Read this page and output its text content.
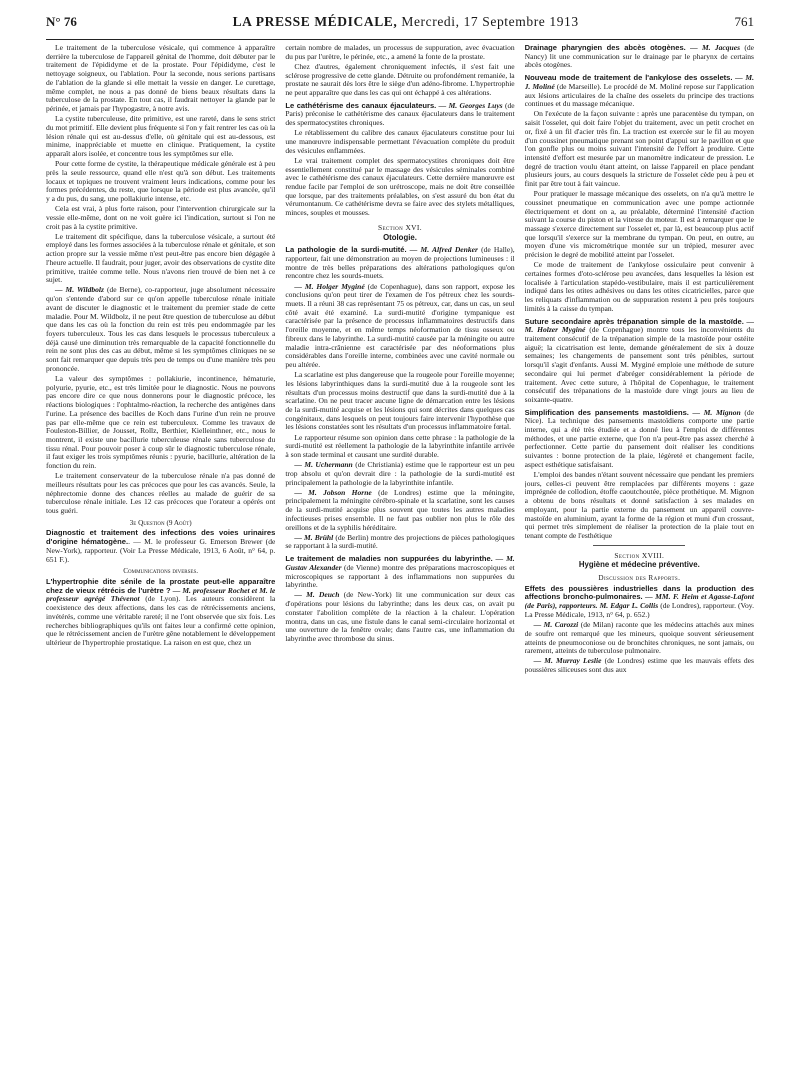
N° 76	LA PRESSE MÉDICALE, Mercredi, 17 Septembre 1913	761

Le traitement de la tuberculose vésicale, qui commence à apparaître derrière la tuberculose de l'appareil génital de l'homme, doit débuter par le traitement de l'épididyme et de la prostate. Pour l'épididyme, c'est le nettoyage soigneux, ou l'ablation. Pour la seconde, nous serions partisans de l'ablation de la glande si elle mettait la vessie en danger. Le curettage, même complet, ne nous a pas donné de biens beaux résultats dans la tuberculose de la prostate. En tout cas, il faudrait nettoyer la glande par le périnée, et jamais par l'hypogastre, à notre avis.

La cystite tuberculeuse, dite primitive, est une rareté, dans le sens strict du mot primitif. Elle devient plus fréquente si l'on y fait rentrer les cas où la lésion rénale qui est au-dessus d'elle, où génitale qui est au-dessous, est minime, inappréciable et muette en clinique. Pratiquement, la cystite apparaît alors isolée, et concentre tous les symptômes sur elle.

Pour cette forme de cystite, la thérapeutique médicale générale est à peu près la seule ressource, quand elle n'est qu'à son début. Les traitements locaux et topiques ne trouvent vraiment leurs indications, comme pour les formes précédentes, du reste, que lorsque la période est plus avancée, qu'il y a du pus, du sang, une pollakiurie intense, etc.

Cela est vrai, à plus forte raison, pour l'intervention chirurgicale sur la vessie elle-même, dont on ne voit guère ici l'indication, surtout si l'on ne croit pas à la cystite primitive.

Le traitement dit spécifique, dans la tuberculose vésicale, a surtout été employé dans les formes associées à la tuberculose rénale et génitale, et son action propre sur la vessie même n'est peut-être pas encore bien dégagée à l'heure actuelle. Il faudrait, pour juger, avoir des observations de cystite dite primitive, traitée comme telle. Nous n'avons rien trouvé de bien net à ce sujet.

— M. Wildbolz (de Berne), co-rapporteur, juge absolument nécessaire qu'on s'entende d'abord sur ce qu'on appelle tuberculose rénale initiale avant de discuter le diagnostic et le traitement du premier stade de cette maladie. Pour M. Wildbolz, il ne peut être question de tuberculose au début que dans les cas où la fonction du rein est très peu endommagée par les foyers tuberculeux. Tous les cas dans lesquels le processus tuberculeux a déjà causé une diminution très remarquable de la capacité fonctionnelle du rein ne sont plus des cas au début, même si les symptômes cliniques ne se sont fait remarquer que depuis très peu de temps ou d'une manière très peu prononcée.

La valeur des symptômes : pollakiurie, incontinence, hématurie, polyurie, pyurie, etc., est très limitée pour le diagnostic. Nous ne pouvons pas encore dire ce que nous donnerons pour le diagnostic précoce, les réactions biologiques : l'ophtalmo-réaction, la recherche des antigènes dans l'urine. La présence des bacilles de Koch dans l'urine d'un rein ne prouve pas par elle-même que ce rein est tuberculeux. Comme les travaux de Fouleston-Billier, de Jousset, Rollz, Berthier, Kielleinthner, etc., nous le montrent, il existe une bacillurie tuberculeuse rénale sans tuberculose du tissu rénal. Pour pouvoir poser à coup sûr le diagnostic tuberculose rénale, il faut exiger les trois symptômes réunis : pyurie, bacillurie, altération de la fonction du rein.

Le traitement conservateur de la tuberculose rénale n'a pas donné de meilleurs résultats pour les cas précoces que pour les cas avancés. Seule, la néphrectomie donne des chances réelles au malade de guérir de sa tuberculose rénale initiale. Les 12 cas précoces que l'orateur a opérés ont tous guéri.

3e Question (9 Août)

Diagnostic et traitement des infections des voies urinaires d'origine hématogène.. — M. le professeur G. Emerson Brewer (de New-York), rapporteur. (Voir La Presse Médicale, 1913, 6 Août, n° 64, p. 651 F.).

Communications diverses.

L'hypertrophie dite sénile de la prostate peut-elle apparaître chez de vieux rétrécis de l'urètre ? — M. professeur Rochet et M. le professeur agrégé Thévenot (de Lyon). Les auteurs considèrent la coexistence des deux affections, dans les cas de rétrécissements anciens, invétérés, comme une véritable rareté; il ne l'ont observée que six fois. Les recherches bibliographiques qu'ils ont faites leur a confirmé cette opinion, que le rétrécissement ancien de l'urètre gêne notablement le développement ultérieur de l'hypertrophie prostatique. La raison en est que, chez un

certain nombre de malades, un processus de suppuration, avec évacuation du pus par l'urètre, le périnée, etc., a amené la fonte de la prostate.

Chez d'autres, également chroniquement infectés, il s'est fait une sclérose progressive de cette glande. Détruite ou profondément remaniée, la prostate ne saurait dès lors être le siège d'un adéno-fibrome. L'hypertrophie ne peut apparaître que dans les cas qui ont échappé à ces altérations.

Le cathétérisme des canaux éjaculateurs. — M. Georges Luys (de Paris) préconise le cathétérisme des canaux éjaculateurs dans le traitement des spermatocystites chroniques.

Le rétablissement du calibre des canaux éjaculateurs constitue pour lui une manœuvre indispensable permettant l'évacuation complète du produit des vésicules enflammées.

Le vrai traitement complet des spermatocystites chroniques doit être essentiellement constitué par le massage des vésicules séminales combiné avec le cathétérisme des canaux éjaculateurs. Cette dernière manœuvre est rendue facile par l'emploi de son urétroscope, mais ne doit être conseillée que lorsque, par des traitements préalables, on s'est assuré du bon état du vérumontanum. Ce cathétérisme devra se faire avec des stylets métalliques, minces, souples et mousses.

Section XVI.

Otologie.

La pathologie de la surdi-mutité. — M. Alfred Denker (de Halle), rapporteur, fait une démonstration au moyen de projections lumineuses : il montre de très belles préparations des altérations pathologiques qu'on rencontre chez les sourds-muets.

— M. Holger Myginé (de Copenhague), dans son rapport, expose les conclusions qu'on peut tirer de l'examen de l'os pétreux chez les sourds-muets. Il a réuni 38 cas représentant 75 os pétreux, car, dans un cas, un seul côté avait été examiné. La surdi-mutité d'origine tympanique est caractérisée par la présence de processus inflammatoires destructifs dans l'oreille moyenne, et en même temps néoformation de tissu osseux ou fibreux dans le labyrinthe. La surdi-mutité causée par la méningite ou autre maladie intra-crânienne est caractérisée par des néoformations plus considérables dans l'oreille interne, combinées avec une cavité normale ou peu altérée.

La scarlatine est plus dangereuse que la rougeole pour l'oreille moyenne; les lésions labyrinthiques dans la surdi-mutité due à la rougeole sont les résultats d'un processus moins destructif que dans la surdi-mutité due à la scarlatine. On ne peut tracer aucune ligne de démarcation entre les lésions de la surdi-mutité acquise et les lésions qui sont décrites dans quelques cas congénitaux, dans lesquels on peut toujours faire intervenir l'hypothèse que les lésions constatées sont les résultats d'un processus inflammatoire fœtal.

Le rapporteur résume son opinion dans cette phrase : la pathologie de la surdi-mutité est réellement la pathologie de la labyrinthite infantile arrivée à son stade terminal et causant une surdité durable.

— M. Uchermann (de Christiania) estime que le rapporteur est un peu trop absolu et qu'on devrait dire : la pathologie de la surdi-mutité est principalement la pathologie de la labyrinthite infantile.

— M. Jobson Horne (de Londres) estime que la méningite, principalement la méningite cérébro-spinale et la scarlatine, sont les causes de la surdi-mutité acquise plus souvent que toutes les autres maladies infectieuses prises ensemble. Il ne faut pas oublier non plus le rôle des oreillons et de la syphilis héréditaire.

— M. Brühl (de Berlin) montre des projections de pièces pathologiques se rapportant à la surdi-mutité.

Le traitement de maladies non suppurées du labyrinthe. — M. Gustav Alexander (de Vienne) montre des préparations macroscopiques et microscopiques se rapportant à des inflammations non suppurées du labyrinthe.

— M. Deuch (de New-York) lit une communication sur deux cas d'opérations pour lésions du labyrinthe; dans les deux cas, on avait pu constater l'abolition complète de la réaction à la chaleur. L'opération montra, dans un cas, une fistule dans le canal semi-circulaire horizontal et une ouverture de la fenêtre ovale; dans l'autre cas, une inflammation du labyrinthe avec thrombose du sinus.

Drainage pharyngien des abcès otogènes. — M. Jacques (de Nancy) lit une communication sur le drainage par le pharynx de certains abcès otogènes.

Nouveau mode de traitement de l'ankylose des osselets. — M. J. Moliné (de Marseille). Le procédé de M. Moliné repose sur l'application aux lésions articulaires de la chaîne des osselets du principe des tractions continues et du massage mécanique.

On l'exécute de la façon suivante : après une paracentèse du tympan, on saisit l'osselet, qui doit faire l'objet du traitement, avec un petit crochet en or, fixé à un fil d'acier très fin. La traction est exercée sur le fil au moyen d'un coussinet pneumatique prenant son point d'appui sur le pavillon et que l'on gonfle plus ou moins suivant l'intensité de l'effort à produire. Cette intensité d'effort est mesurée par un manomètre indicateur de pression. Le degré de traction voulu étant atteint, on laisse l'appareil en place pendant plusieurs jours, au cours desquels la stricture de l'osselet cède peu à peu et finit par être tout à fait vaincue.

Pour pratiquer le massage mécanique des osselets, on n'a qu'à mettre le coussinet pneumatique en communication avec une pompe actionnée électriquement et dont on a, au préalable, déterminé l'intensité d'action suivant la course du piston et la vitesse du moteur. Il est à remarquer que le massage s'exerce directement sur l'osselet et, par là, est beaucoup plus actif que lorsqu'il s'exerce sur la membrane du tympan. On peut, en outre, au moyen d'une vis micrométrique montée sur un trépied, mesurer avec précision le degré de mobilité atteint par l'osselet.

Ce mode de traitement de l'ankylose ossiculaire peut convenir à certaines formes d'oto-sclérose peu avancées, dans lesquelles la lésion est localisée à l'articulation stapédo-vestibulaire, mais il est particulièrement indiqué dans les otites adhésives ou dans les otites cicatricielles, parce que les reliquats d'inflammation ou de suppuration restent à peu près toujours limités à la caisse du tympan.

Suture secondaire après trépanation simple de la mastoïde. — M. Holzer Myginé (de Copenhague) montre tous les inconvénients du traitement consécutif de la trépanation simple de la mastoïde pour ostéite aiguë; la cicatrisation est lente, demande généralement de six à douze semaines; les changements de pansement sont très pénibles, surtout lorsqu'il s'agit d'enfants. Aussi M. Myginé emploie une méthode de suture secondaire qui lui permet d'abréger considérablement la période de traitement. Avec cette suture, à l'hôpital de Copenhague, le traitement consécutif des trépanations de la mastoïde dure vingt jours au lieu de soixante-quatre.

Simplification des pansements mastoïdiens. — M. Mignon (de Nice). La technique des pansements mastoïdiens comporte une partie interne, qui a été très étudiée et a donné lieu à l'emploi de différentes méthodes, et une partie externe, que l'on n'a peut-être pas assez cherché à perfectionner. Cette partie du pansement doit réaliser les conditions suivantes : bonne protection de la plaie, légèreté et changement facile, aspect esthétique satisfaisant.

L'emploi des bandes n'étant souvent nécessaire que pendant les premiers jours, celles-ci peuvent être remplacées par différents moyens : gaze imprégnée de collodion, étoffe caoutchoutée, pièce prothétique. M. Mignon a obtenu de bons résultats et donné satisfaction à ses malades en employant, pour la partie externe du pansement un appareil couvre-mastoïde en aluminium, ayant la forme de la région et muni d'un crossaut, qui permet très simplement de réaliser la protection de la plaie tout en tenant compte de l'esthétique

Section XVIII.

Hygiène et médecine préventive.

Discussion des Rapports.

Effets des poussières industrielles dans la production des affections broncho-pulmonaires. — MM. F. Heim et Agasse-Lafont (de Paris), rapporteurs. M. Edgar L. Collis (de Londres), rapporteur. (Voy. La Presse Médicale, 1913, n° 64, p. 652.)

— M. Carozzi (de Milan) raconte que les médecins attachés aux mines de soufre ont remarqué que les mineurs, quoique souvent sérieusement atteints de pneumoconiose ou de bronchites chroniques, ne sont jamais, ou rarement, atteints de tuberculose pulmonaire.

— M. Murray Leslie (de Londres) estime que les mauvais effets des poussières siliceuses sont dus aux
